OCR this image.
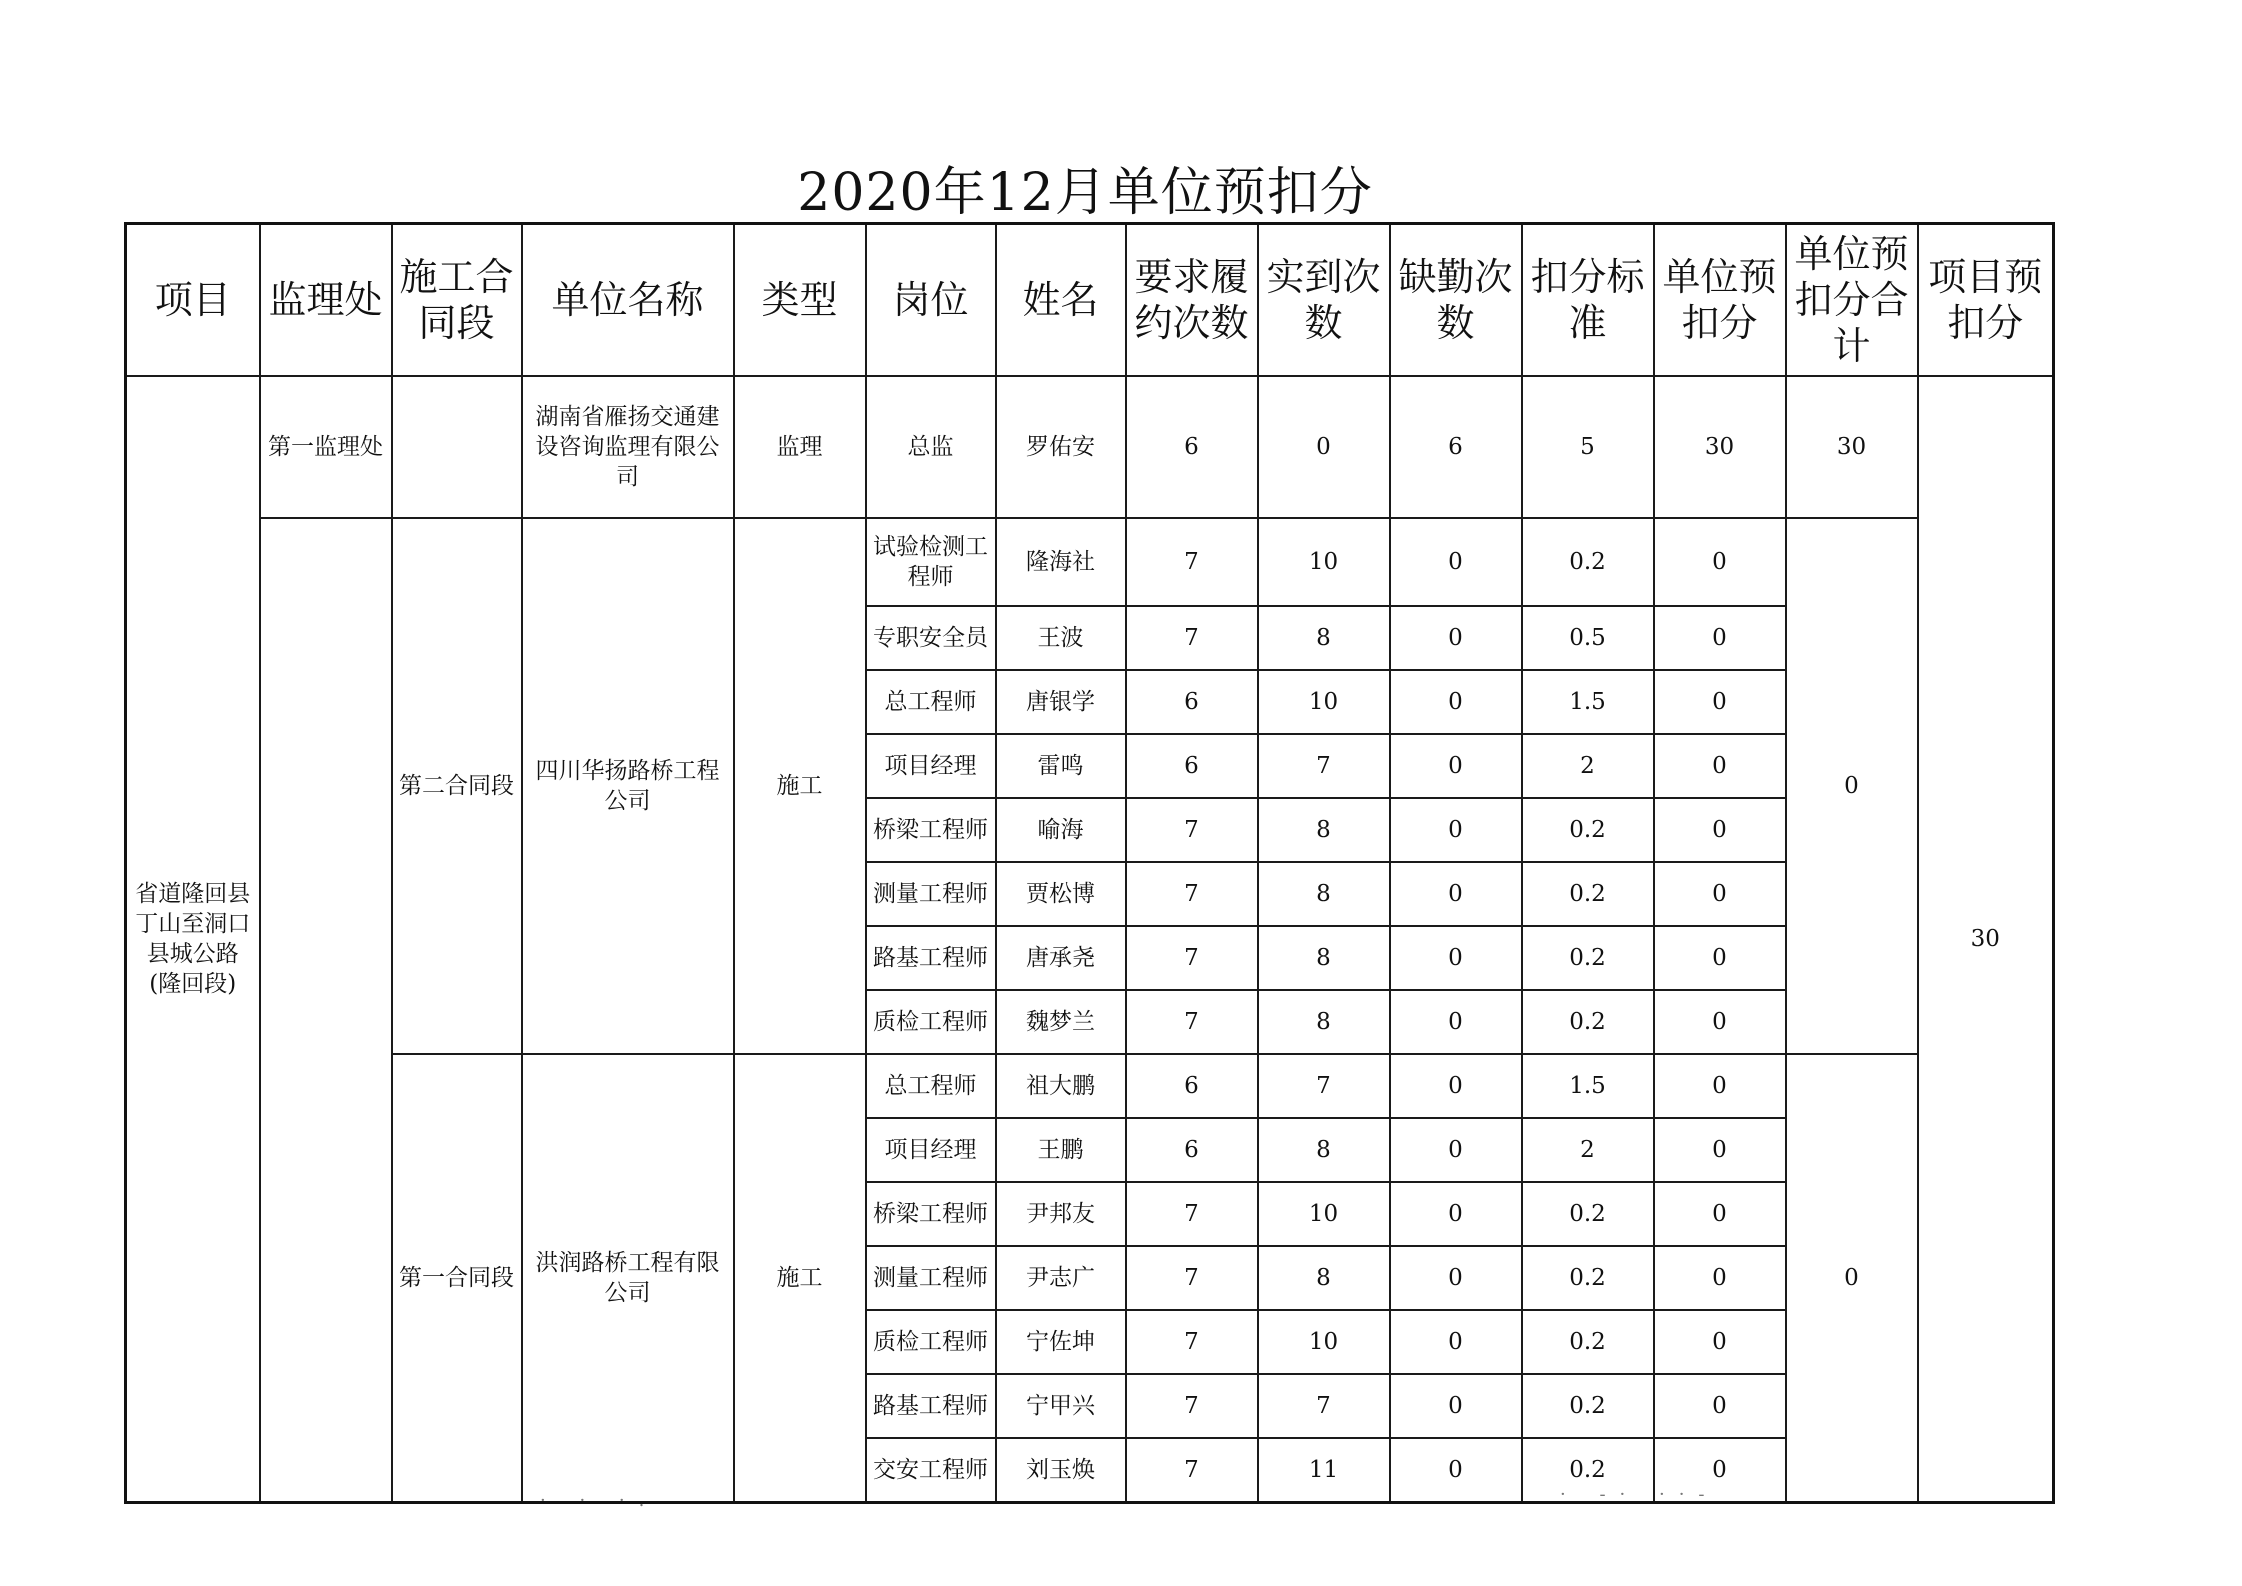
2020年12月单位预扣分
项目	监理处	施工合同段	单位名称	类型	岗位	姓名	要求履约次数	实到次数	缺勤次数	扣分标准	单位预扣分	单位预扣分合计	项目预扣分
省道隆回县丁山至洞口县城公路(隆回段)	第一监理处		湖南省雁扬交通建设咨询监理有限公司	监理	总监	罗佑安	6	0	6	5	30	30	30
		第二合同段	四川华扬路桥工程公司	施工	试验检测工程师	隆海社	7	10	0	0.2	0	0	
					专职安全员	王波	7	8	0	0.5	0		
					总工程师	唐银学	6	10	0	1.5	0		
					项目经理	雷鸣	6	7	0	2	0		
					桥梁工程师	喻海	7	8	0	0.2	0		
					测量工程师	贾松博	7	8	0	0.2	0		
					路基工程师	唐承尧	7	8	0	0.2	0		
					质检工程师	魏梦兰	7	8	0	0.2	0		
		第一合同段	洪润路桥工程有限公司	施工	总工程师	祖大鹏	6	7	0	1.5	0	0	
					项目经理	王鹏	6	8	0	2	0		
					桥梁工程师	尹邦友	7	10	0	0.2	0		
					测量工程师	尹志广	7	8	0	0.2	0		
					质检工程师	宁佐坤	7	10	0	0.2	0		
					路基工程师	宁甲兴	7	7	0	0.2	0		
					交安工程师	刘玉焕	7	11	0	0.2	0		
· · ·.	· -· ··-
